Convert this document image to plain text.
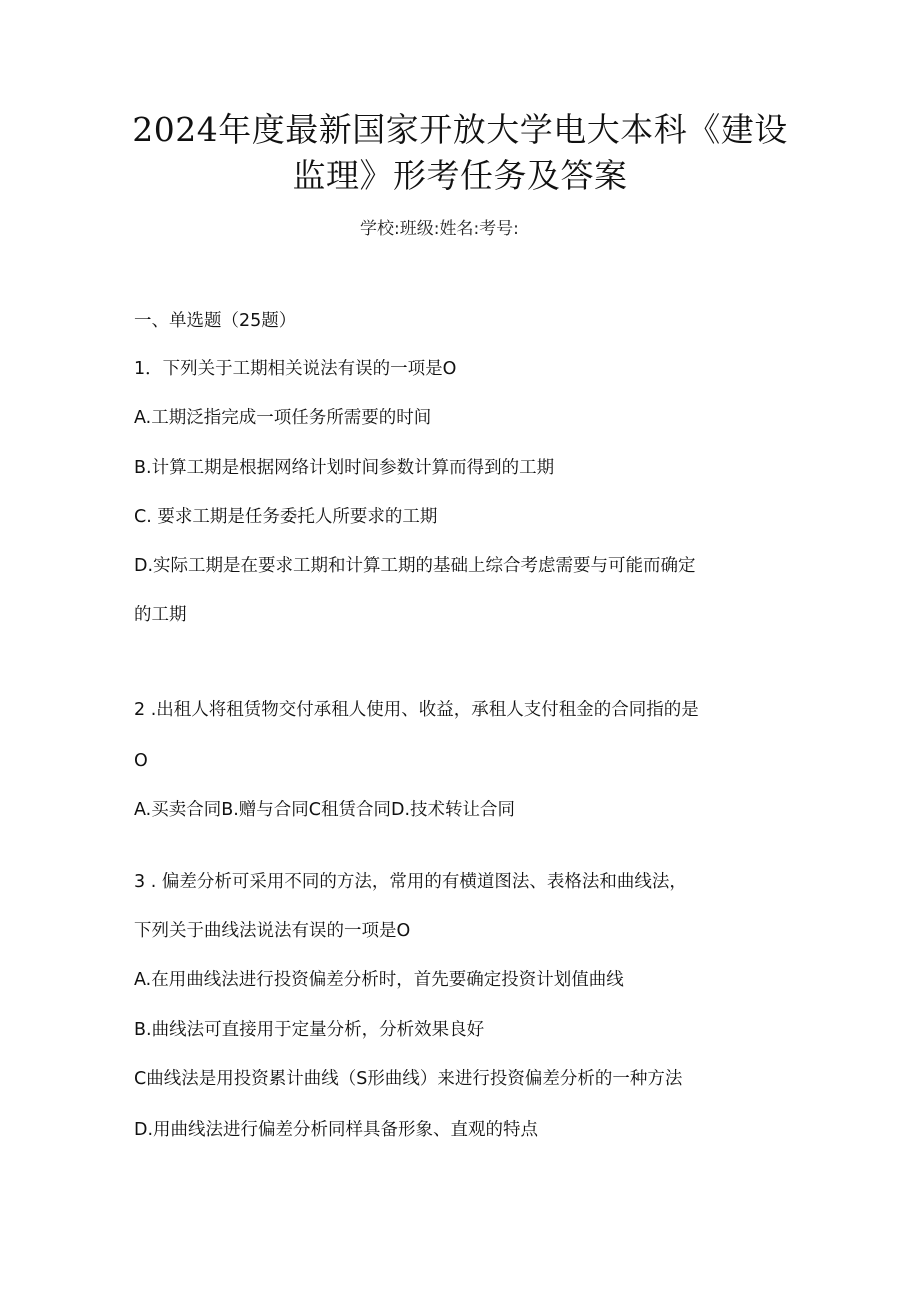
2024年度最新国家开放大学电大本科《建设
监理》形考任务及答案
学校:班级:姓名:考号:
一、单选题（25题）
1．下列关于工期相关说法有误的一项是O
A.工期泛指完成一项任务所需要的时间
B.计算工期是根据网络计划时间参数计算而得到的工期
C. 要求工期是任务委托人所要求的工期
D.实际工期是在要求工期和计算工期的基础上综合考虑需要与可能而确定
的工期
2 .出租人将租赁物交付承租人使用、收益，承租人支付租金的合同指的是
O
A.买卖合同B.赠与合同C租赁合同D.技术转让合同
3 . 偏差分析可采用不同的方法，常用的有横道图法、表格法和曲线法，
下列关于曲线法说法有误的一项是O
A.在用曲线法进行投资偏差分析时，首先要确定投资计划值曲线
B.曲线法可直接用于定量分析，分析效果良好
C曲线法是用投资累计曲线（S形曲线）来进行投资偏差分析的一种方法
D.用曲线法进行偏差分析同样具备形象、直观的特点
